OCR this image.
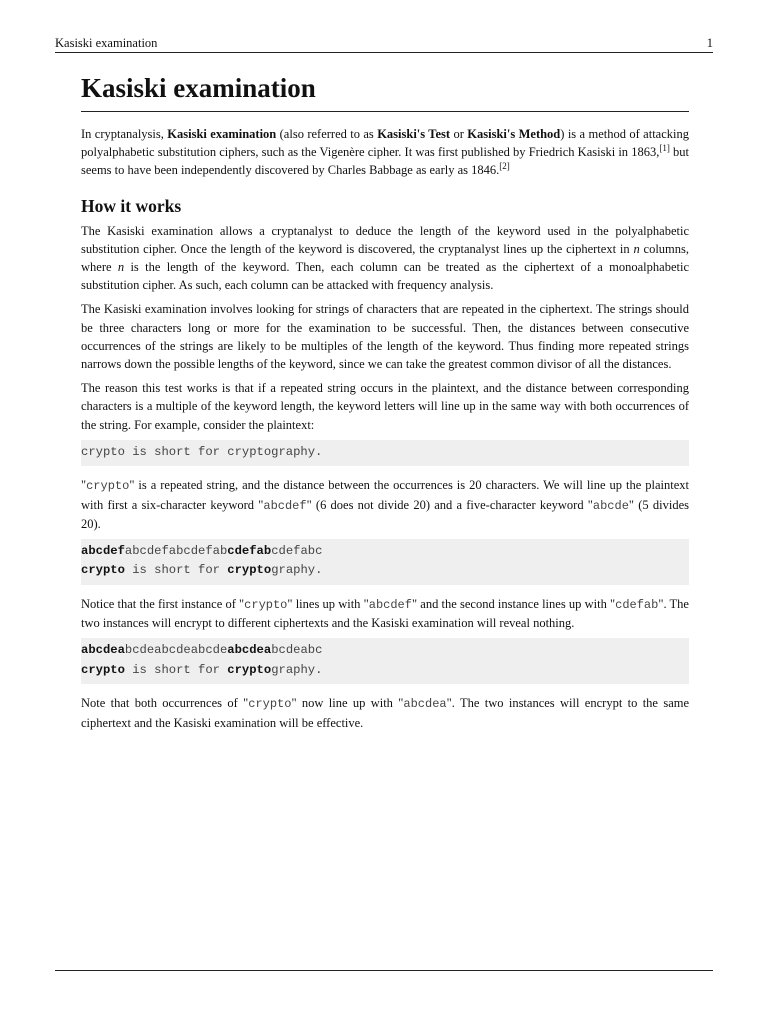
Kasiski examination	1
Kasiski examination

In cryptanalysis, Kasiski examination (also referred to as Kasiski's Test or Kasiski's Method) is a method of attacking polyalphabetic substitution ciphers, such as the Vigenère cipher. It was first published by Friedrich Kasiski in 1863,[1] but seems to have been independently discovered by Charles Babbage as early as 1846.[2]

How it works

The Kasiski examination allows a cryptanalyst to deduce the length of the keyword used in the polyalphabetic substitution cipher. Once the length of the keyword is discovered, the cryptanalyst lines up the ciphertext in n columns, where n is the length of the keyword. Then, each column can be treated as the ciphertext of a monoalphabetic substitution cipher. As such, each column can be attacked with frequency analysis.

The Kasiski examination involves looking for strings of characters that are repeated in the ciphertext. The strings should be three characters long or more for the examination to be successful. Then, the distances between consecutive occurrences of the strings are likely to be multiples of the length of the keyword. Thus finding more repeated strings narrows down the possible lengths of the keyword, since we can take the greatest common divisor of all the distances.

The reason this test works is that if a repeated string occurs in the plaintext, and the distance between corresponding characters is a multiple of the keyword length, the keyword letters will line up in the same way with both occurrences of the string. For example, consider the plaintext:

crypto is short for cryptography.

"crypto" is a repeated string, and the distance between the occurrences is 20 characters. We will line up the plaintext with first a six-character keyword "abcdef" (6 does not divide 20) and a five-character keyword "abcde" (5 divides 20).

abcdefabcdefabcdefabcdefabcdefabc
crypto is short for cryptography.

Notice that the first instance of "crypto" lines up with "abcdef" and the second instance lines up with "cdefab". The two instances will encrypt to different ciphertexts and the Kasiski examination will reveal nothing.

abcdeabcdeabcdeabcdeabcdeabcdeabc
crypto is short for cryptography.

Note that both occurrences of "crypto" now line up with "abcdea". The two instances will encrypt to the same ciphertext and the Kasiski examination will be effective.
